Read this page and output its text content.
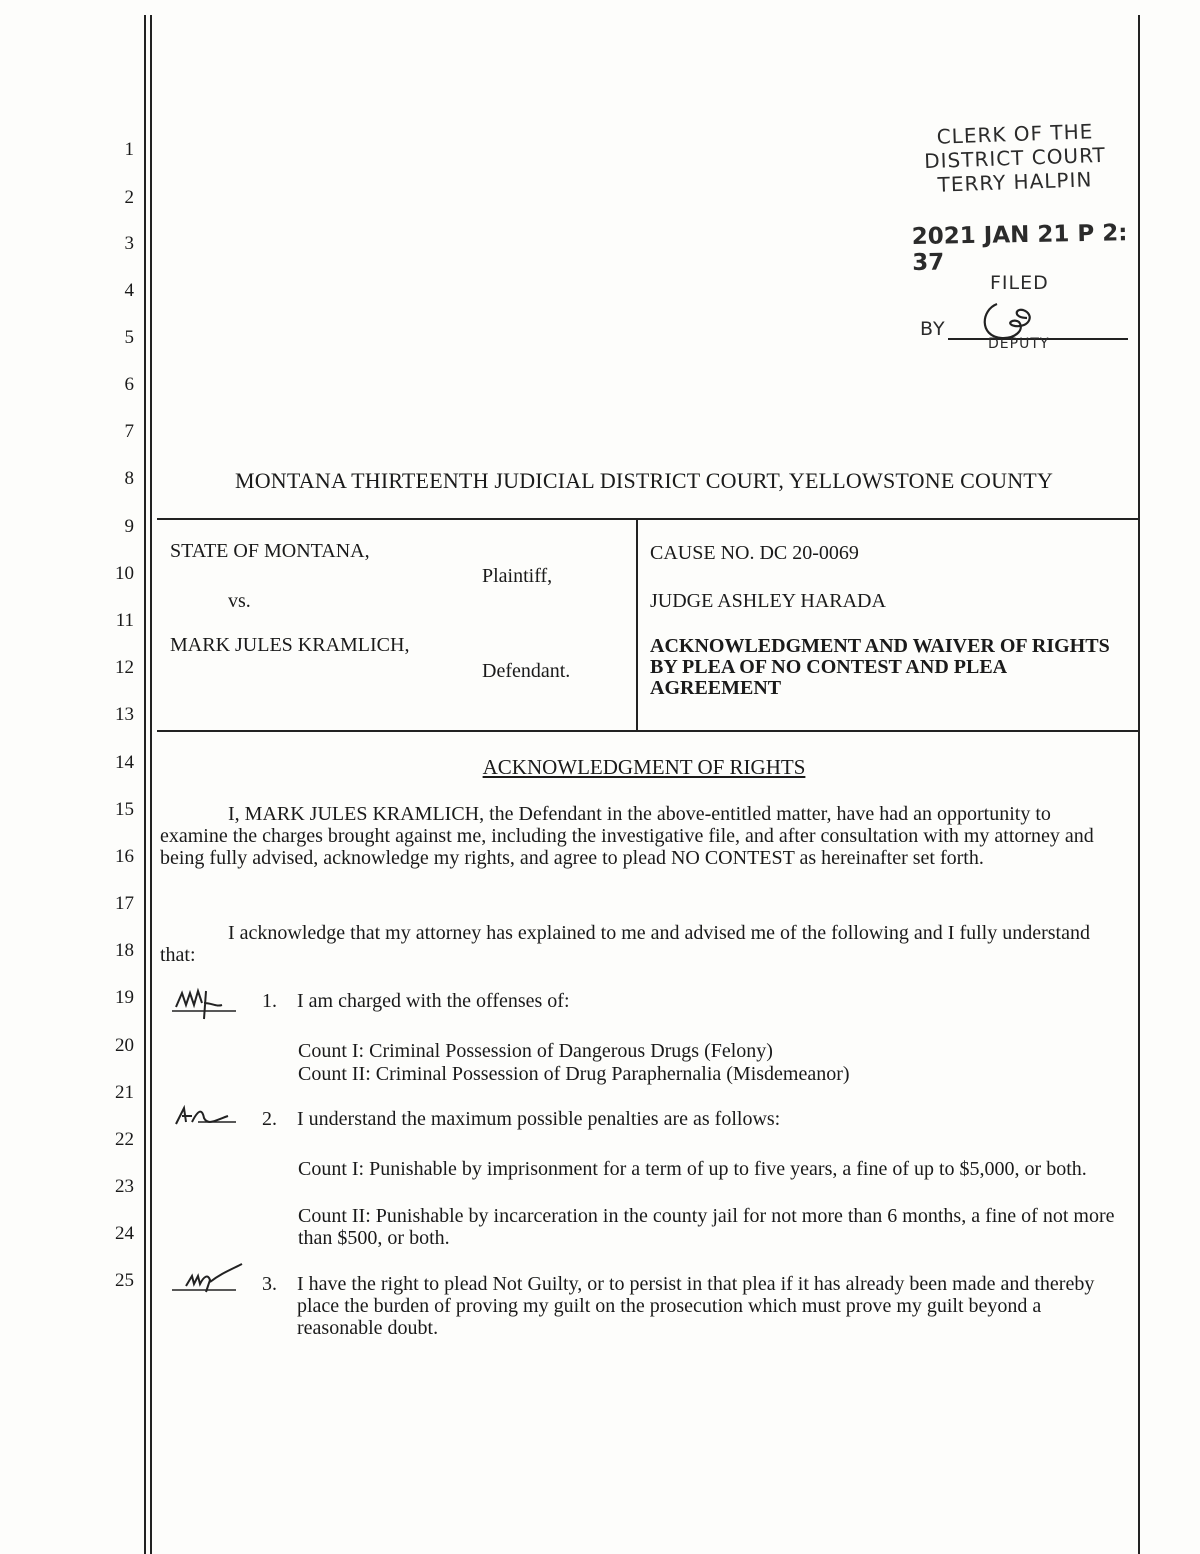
1
2
3
4
5
6
7
8
9
10
11
12
13
14
15
16
17
18
19
20
21
22
23
24
25
CLERK OF THE
DISTRICT COURT
TERRY HALPIN
2021 JAN 21 P 2: 37
FILED
BY
DEPUTY
MONTANA THIRTEENTH JUDICIAL DISTRICT COURT, YELLOWSTONE COUNTY
STATE OF MONTANA,
Plaintiff,
vs.
MARK JULES KRAMLICH,
Defendant.
CAUSE NO. DC 20-0069
JUDGE ASHLEY HARADA
ACKNOWLEDGMENT AND WAIVER OF RIGHTS BY PLEA OF NO CONTEST AND PLEA AGREEMENT
ACKNOWLEDGMENT OF RIGHTS
I, MARK JULES KRAMLICH, the Defendant in the above-entitled matter, have had an opportunity to examine the charges brought against me, including the investigative file, and after consultation with my attorney and being fully advised, acknowledge my rights, and agree to plead NO CONTEST as hereinafter set forth.
I acknowledge that my attorney has explained to me and advised me of the following and I fully understand that:
1. I am charged with the offenses of:
Count I: Criminal Possession of Dangerous Drugs (Felony)
Count II: Criminal Possession of Drug Paraphernalia (Misdemeanor)
2. I understand the maximum possible penalties are as follows:
Count I: Punishable by imprisonment for a term of up to five years, a fine of up to $5,000, or both.
Count II: Punishable by incarceration in the county jail for not more than 6 months, a fine of not more than $500, or both.
3. I have the right to plead Not Guilty, or to persist in that plea if it has already been made and thereby place the burden of proving my guilt on the prosecution which must prove my guilt beyond a reasonable doubt.
